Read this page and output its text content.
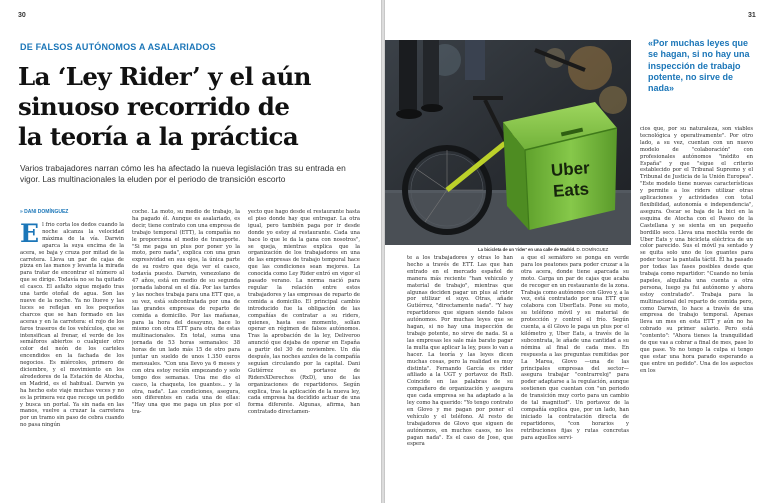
30
DE FALSOS AUTÓNOMOS A ASALARIADOS
La ‘Ley Rider’ y el aún
sinuoso recorrido de
la teoría a la práctica

Varios trabajadores narran cómo les ha afectado la nueva legislación tras su entrada en vigor. Las multinacionales la eluden por el periodo de transición escorto

» DANI DOMÍNGUEZ
E l frío corta los dedos cuando la noche alcanza la velocidad máxima de la vía. Darwin aparca la suya encima de la acera, se baja y cruza por mitad de la carretera. Lleva un par de cajas de pizza en las manos y levanta la mirada para tratar de encontrar el número al que se dirige. Todavía no se ha quitado el casco. El asfalto sigue mojado tras una tarde otoñal de agua. Son las nueve de la noche. Ya no llueve y las luces se reflejan en los pequeños charcos que se han formado en las aceras y en la carretera: el rojo de los faros traseros de los vehículos, que se intensifican al frenar, el verde de los semáforos abiertos o cualquier otro color del neón de los carteles encendidos en la fachada de los negocios. Es miércoles, primero de diciembre, y el movimiento en los alrededores de la Estación de Atocha, en Madrid, es el habitual. Darwin ya ha hecho este viaje muchas veces y no es la primera vez que recoge un pedido y busca un portal. Ya sin nada en las manos, vuelve a cruzar la carretera por un tramo sin paso de cebra cuando no pasa ningún

coche. La moto, su medio de trabajo, la ha pagado él. Aunque es asalariado, es decir, tiene contrato con una empresa de trabajo temporal (ETT), la compañía no le proporciona el medio de transporte. "Si me paga un plus por poner yo la moto, pero nada", explica con una gran expresividad en sus ojos, la única parte de su rostro que deja ver el casco, todavía puesto. Darwin, venezolano de 47 años, está en medio de su segunda jornada laboral en el día. Por las tardes y las noches trabaja para una ETT que, a su vez, está subcontratada por una de las grandes empresas de reparto de comida a domicilio. Por las mañanas, para la hora del desayuno, hace lo mismo con otra ETT para otra de estas multinacionales. En total, suma una jornada de 53 horas semanales: 38 horas de un lado más 15 de otro para juntar un sueldo de unos 1.350 euros mensuales. "Con una llevo ya 6 meses y con otra estoy recién empezando y solo tengo dos semanas. Una me dio el casco, la chaqueta, los guantes... y la otra, nada". Las condiciones, asegura, son diferentes en cada una de ellas: "Hay una que me paga un plus por el tra-

yecto que hago desde el restaurante hasta el piso donde hay que entregar. La otra igual, pero también paga por ir desde donde yo estoy al restaurante. Cada una hace lo que le da la gana con nosotros", se queja, mientras explica que la organización de los trabajadores en una de las empresas de trabajo temporal hace que las condiciones sean mejores. La conocida como Ley Rider entró en vigor el pasado verano. La norma nació para regular la relación entre estos trabajadores y las empresas de reparto de comida a domicilio. El principal cambio introducido fue la obligación de las compañías de contratar a su riders, quienes, hasta ese momento, solían operar en régimen de falsos autónomos. Tras la aprobación de la ley, Deliveroo anunció que dejaba de operar en España a partir del 30 de noviembre. Un día después, las noches azules de la compañía seguían circulando por la capital. Dani Gutiérrez es portavoz de RidersXDerechos (RxD), uno de las organizaciones de repartidores. Según explica, tras la aplicación de la nueva ley, cada empresa ha decidido actuar de una forma diferente. Algunas, afirma, han contratado directamen-

31
Uber
Eats
La bicicleta de un 'rider' en una calle de Madrid. D. DOMÍNGUEZ

«Por muchas leyes que se hagan, si no hay una inspección de trabajo potente, no sirve de nada»

te a los trabajadores y otras lo han hecho a través de ETT. Las que han entrado en el mercado español de manera más reciente "han vehiculo y material de trabajo", mientras que algunas deciden pagar un plus al rider por utilizar el suyo. Otras, añade Gutiérrez, "directamente nada". "Y hay repartidores que siguen siendo falsos autónomos. Por muchas leyes que se hagan, si no hay una inspección de trabajo potente, no sirve de nada. Si a las empresas les sale más barato pagar la multa que aplicar la ley, pues lo van a hacer. La teoría y las leyes dicen muchas cosas, pero la realidad es muy distinta". Fernando García es rider afiliado a la UGT y portavoz de RxD. Coincide en las palabras de su compañero de organización y asegura que cada empresa se ha adaptado a la ley como ha querido: "Yo tengo contrato en Glovo y me pagan por poner el vehículo y el teléfono. Al resto de trabajadores de Glovo que siguen de autónomos, en muchos casos, no les pagan nada". Es el caso de Jose, que espera

a que el semáforo se ponga en verde para los peatones para poder cruzar a la otra acera, donde tiene aparcada su moto. Carga un par de cajas que acaba de recoger en un restaurante de la zona. Trabaja como autónomo con Glovo y, a la vez, está contratado por una ETT que colabora con UberEats. Pone su moto, su teléfono móvil y su material de protección y control el frío. Según cuenta, a él Glovo le paga un plus por el kilómetro y, Uber Eats, a través de la subcontrata, le añade una cantidad a su nómina al final de cada mes. En respuesta a las preguntas remitidas por La Marea, Glovo —una de las principales empresas del sector— asegura trabajar "contrarreloj" para poder adaptarse a la regulación, aunque sostienen que cuentan con "un periodo de transición muy corto para un cambio de tal magnitud". Un portavoz de la compañía explica que, por un lado, han iniciado la contratación directa de repartidores, "con horarios y retribuciones fijas y rutas concretas para aquellos servi-

cios que, por su naturaleza, son viables tecnológica y operativamente". Por otro lado, a su vez, cuentan con un nuevo modelo de "colaboración" con profesionales autónomos "inédito en España" y que "sigue el criterio establecido por el Tribunal Supremo y el Tribunal de Justicia de la Unión Europea". "Este modelo tiene nuevas características y permite a los riders utilizar otras aplicaciones y actividades con total flexibilidad, autonomía e independencia", asegura. Óscar se baja de la bici en la esquina de Atocha con el Paseo de la Castellana y se sienta en un pequeño bordillo seco. Lleva una mochila verde de Uber Eats y una bicicleta eléctrica de un color parecido. Sus el móvil ya sentado y se quita solo uno de los guantes para poder tocar la pantalla táctil. Él ha pasado por todas las fases posibles desde que trabaja como repartidor: "Cuando no tenía papeles, alquilaba una cuenta a otra persona, luego ya fui autónomo y ahora estoy contratado". Trabaja para la multinacional del reparto de comida pero, como Darwin, lo hace a través de una empresa de trabajo temporal. Apenas lleva un mes en esta ETT y aún no ha cobrado su primer salario. Pero está "contento": "Ahora tienes la tranquilidad de que vas a cobrar a final de mes, pase lo que pase. Yo no tengo la culpa si tengo que estar una hora parado esperando a que entre un pedido". Una de los aspectos en los
